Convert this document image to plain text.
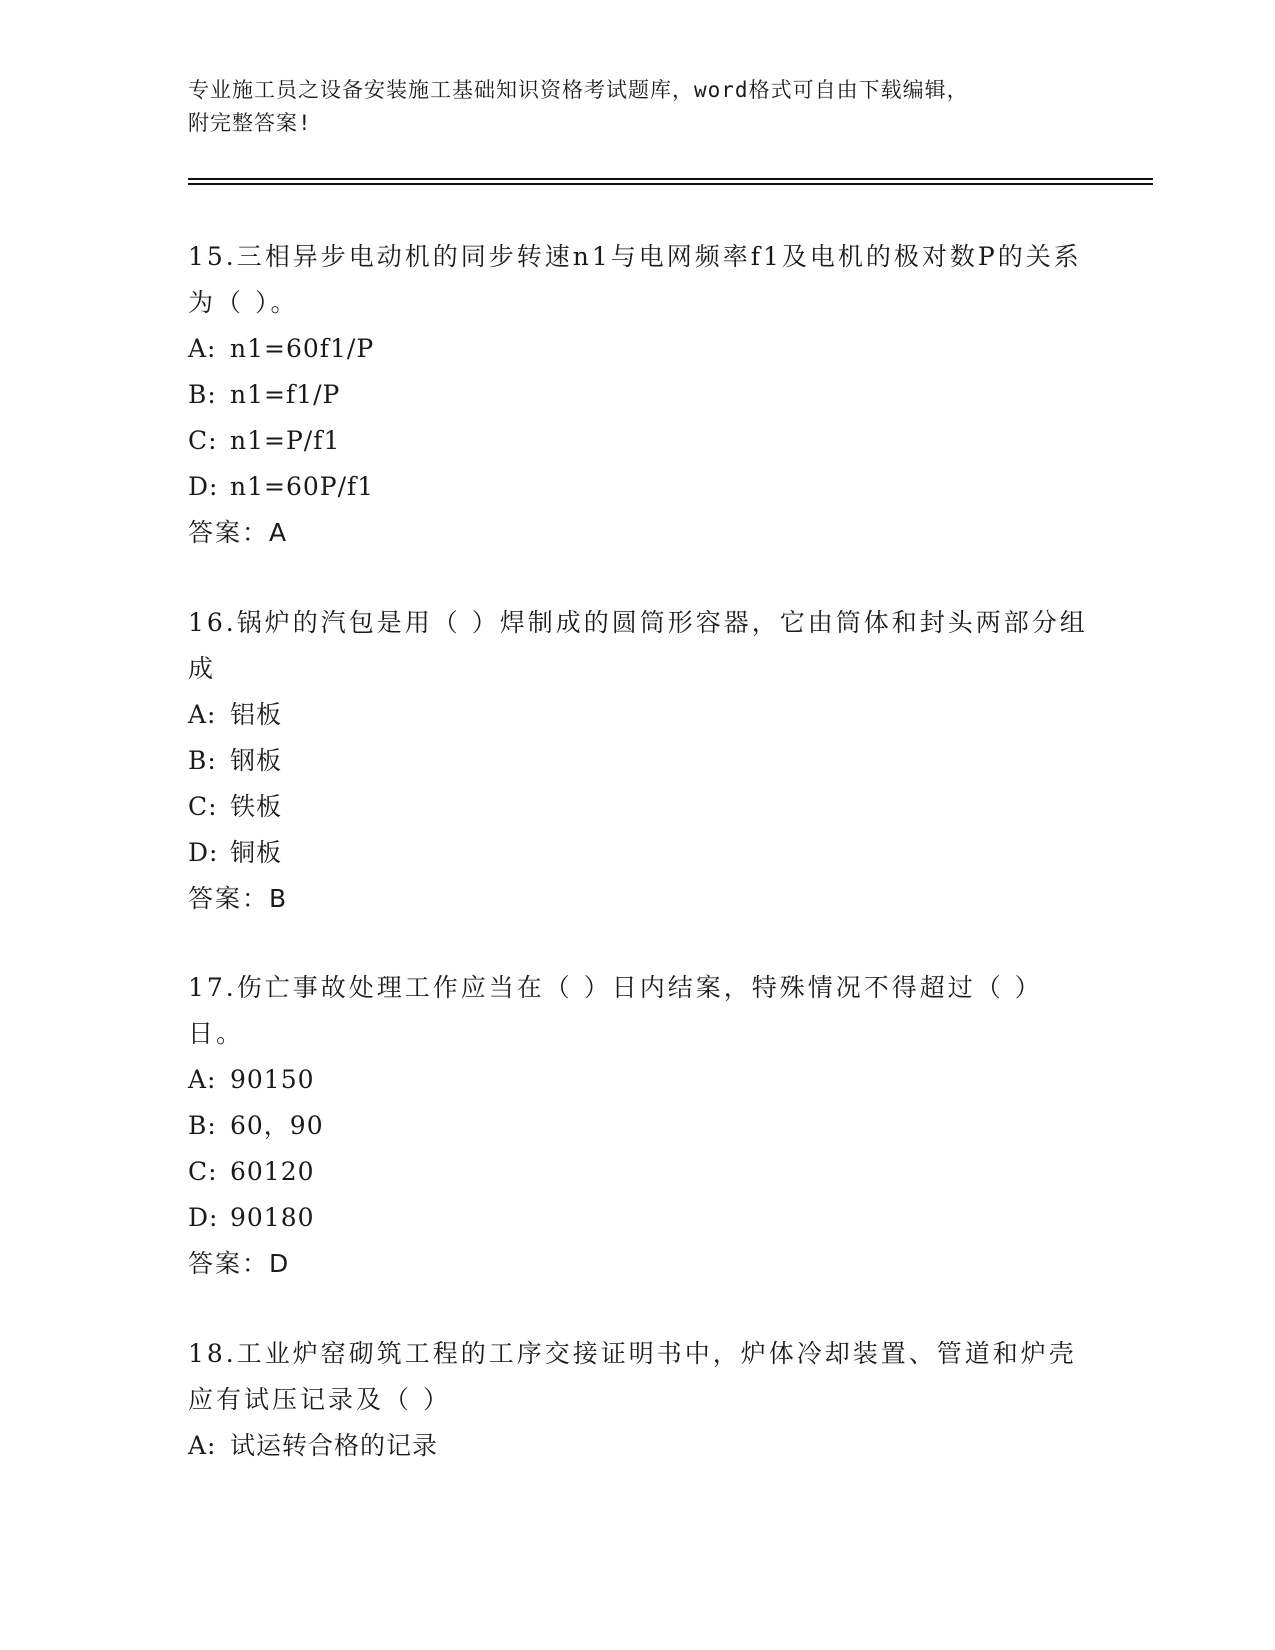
专业施工员之设备安装施工基础知识资格考试题库，word格式可自由下载编辑，
附完整答案!

15.三相异步电动机的同步转速n1与电网频率f1及电机的极对数P的关系为（ ）。

A: n1=60f1/P

B: n1=f1/P

C: n1=P/f1

D: n1=60P/f1

答案：A

16.锅炉的汽包是用（ ）焊制成的圆筒形容器，它由筒体和封头两部分组成

A: 铝板

B: 钢板

C: 铁板

D: 铜板

答案：B

17.伤亡事故处理工作应当在（ ）日内结案，特殊情况不得超过（ ）日。

A: 90150

B: 60，90

C: 60120

D: 90180

答案：D

18.工业炉窑砌筑工程的工序交接证明书中，炉体冷却装置、管道和炉壳应有试压记录及（ ）

A: 试运转合格的记录
